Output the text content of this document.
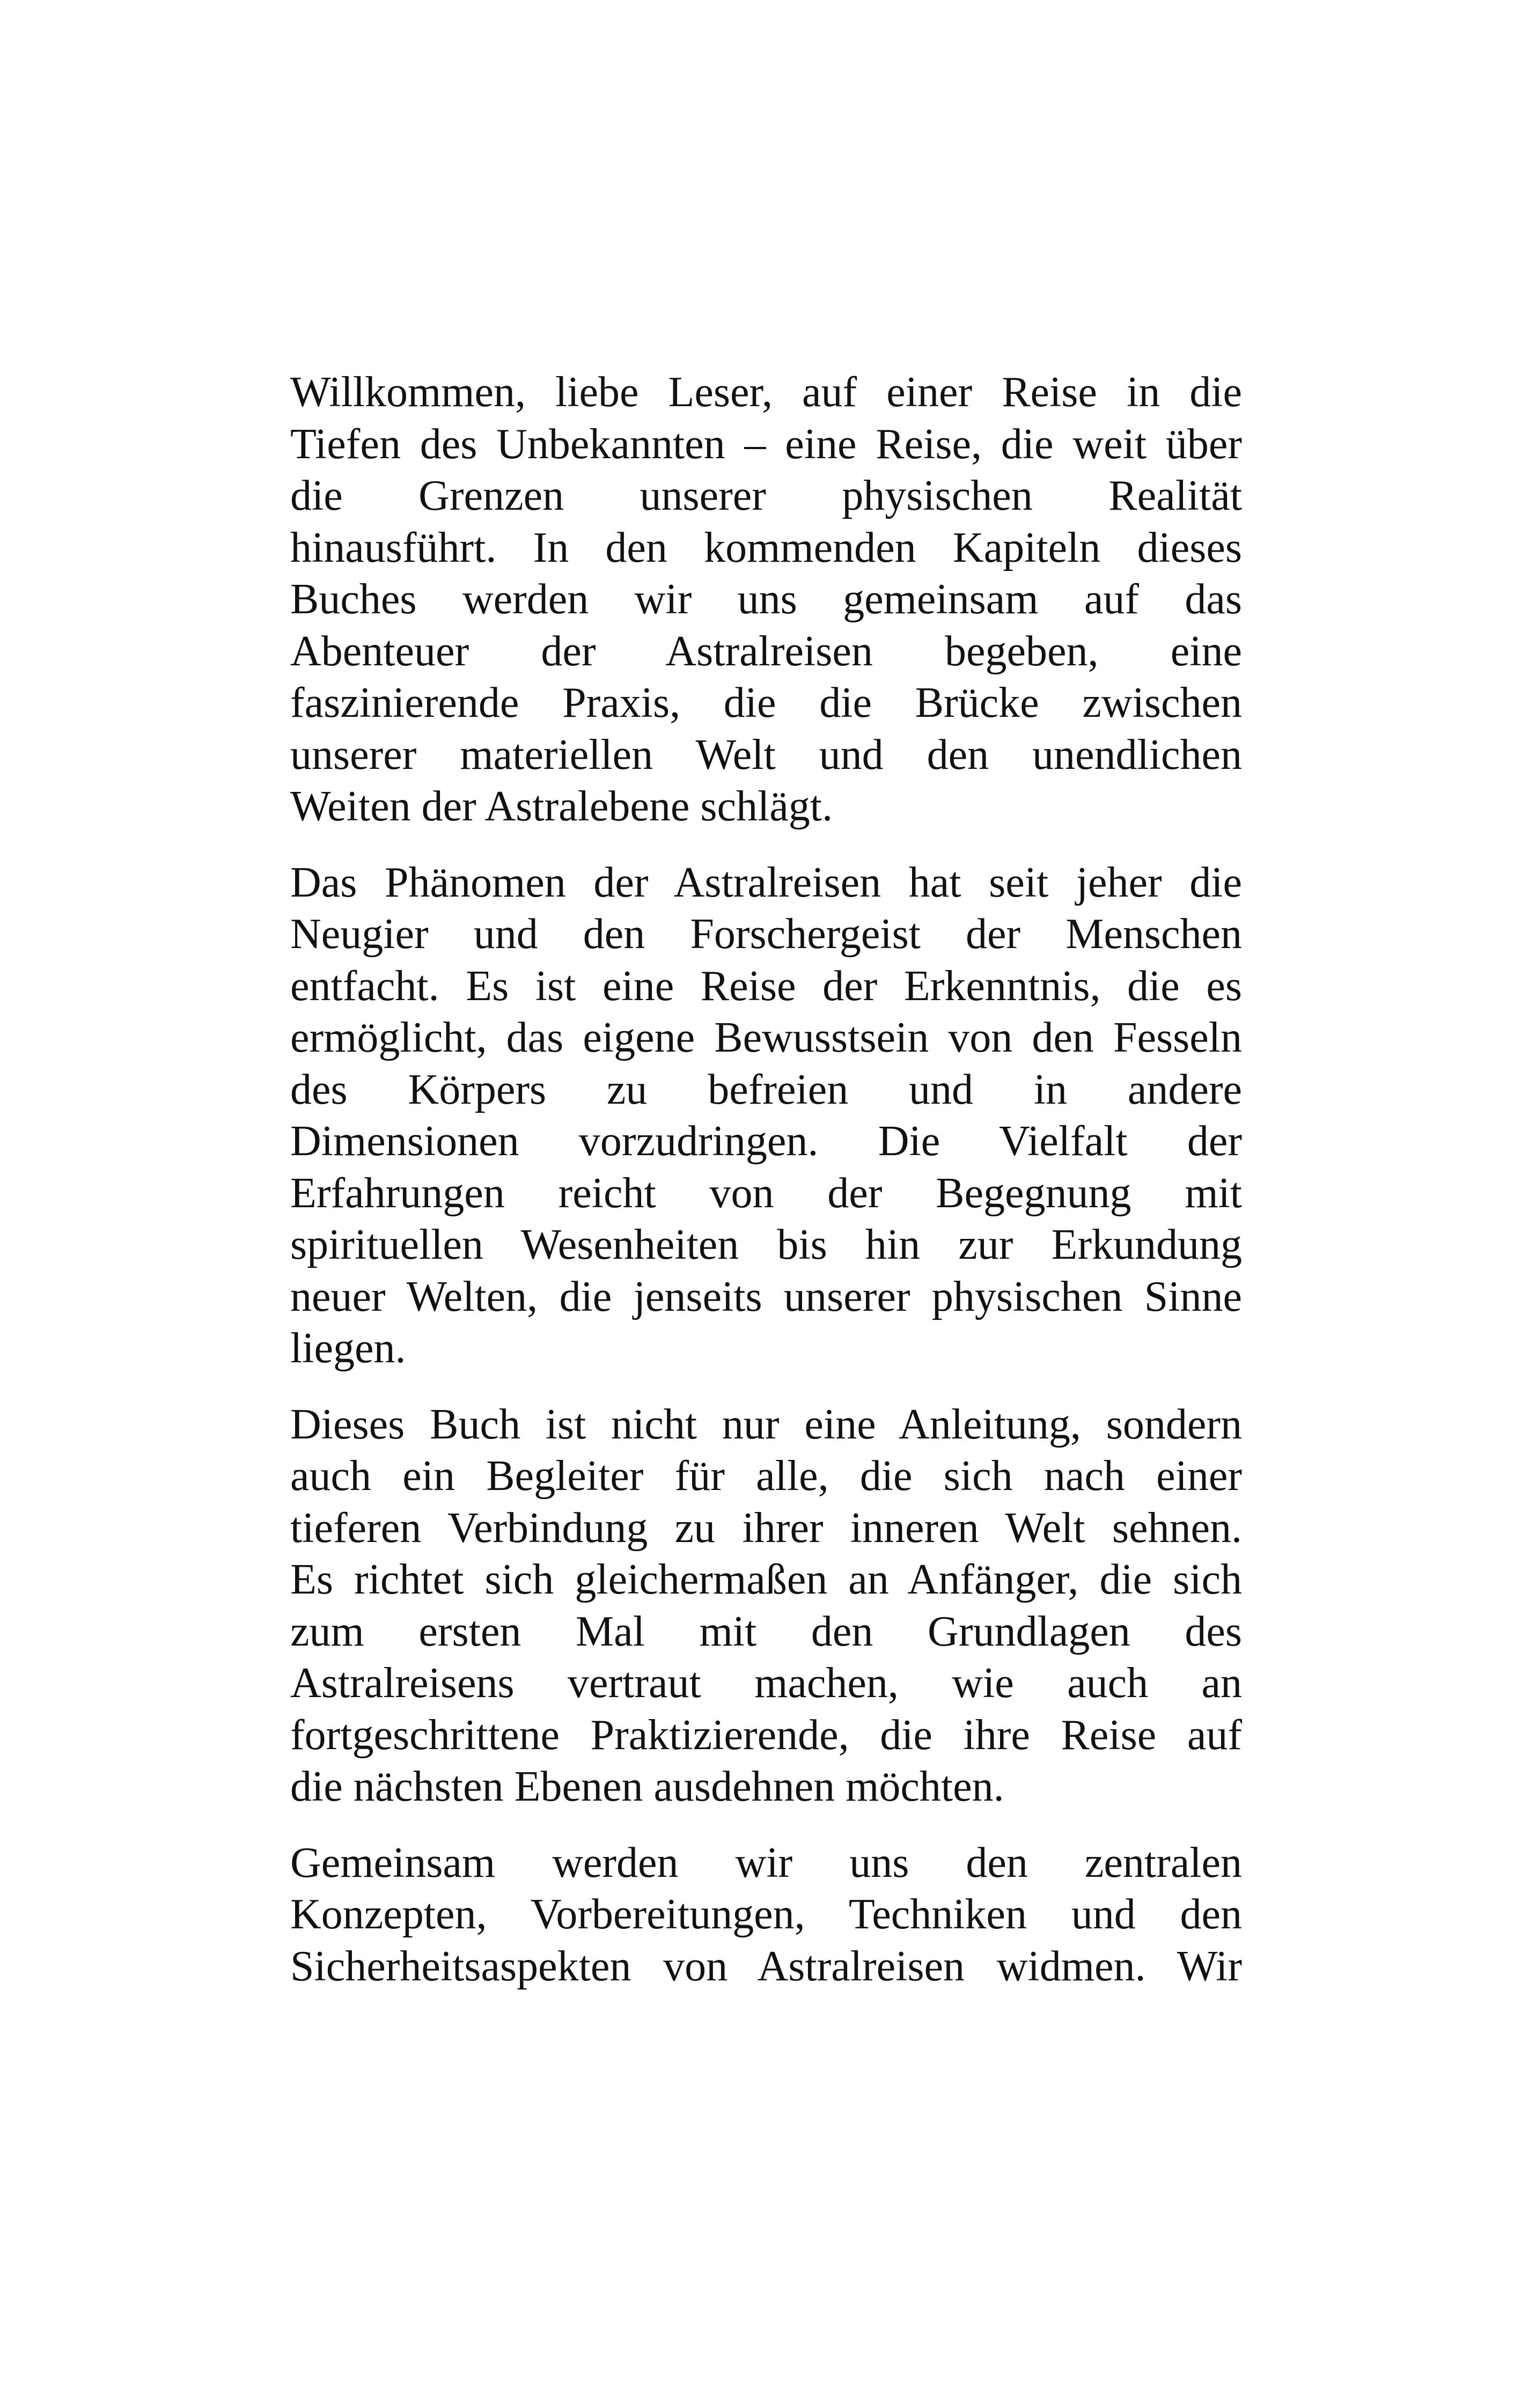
Willkommen, liebe Leser, auf einer Reise in die
Tiefen des Unbekannten – eine Reise, die weit über
die Grenzen unserer physischen Realität
hinausführt. In den kommenden Kapiteln dieses
Buches werden wir uns gemeinsam auf das
Abenteuer der Astralreisen begeben, eine
faszinierende Praxis, die die Brücke zwischen
unserer materiellen Welt und den unendlichen
Weiten der Astralebene schlägt.

Das Phänomen der Astralreisen hat seit jeher die
Neugier und den Forschergeist der Menschen
entfacht. Es ist eine Reise der Erkenntnis, die es
ermöglicht, das eigene Bewusstsein von den Fesseln
des Körpers zu befreien und in andere
Dimensionen vorzudringen. Die Vielfalt der
Erfahrungen reicht von der Begegnung mit
spirituellen Wesenheiten bis hin zur Erkundung
neuer Welten, die jenseits unserer physischen Sinne
liegen.

Dieses Buch ist nicht nur eine Anleitung, sondern
auch ein Begleiter für alle, die sich nach einer
tieferen Verbindung zu ihrer inneren Welt sehnen.
Es richtet sich gleichermaßen an Anfänger, die sich
zum ersten Mal mit den Grundlagen des
Astralreisens vertraut machen, wie auch an
fortgeschrittene Praktizierende, die ihre Reise auf
die nächsten Ebenen ausdehnen möchten.

Gemeinsam werden wir uns den zentralen
Konzepten, Vorbereitungen, Techniken und den
Sicherheitsaspekten von Astralreisen widmen. Wir
